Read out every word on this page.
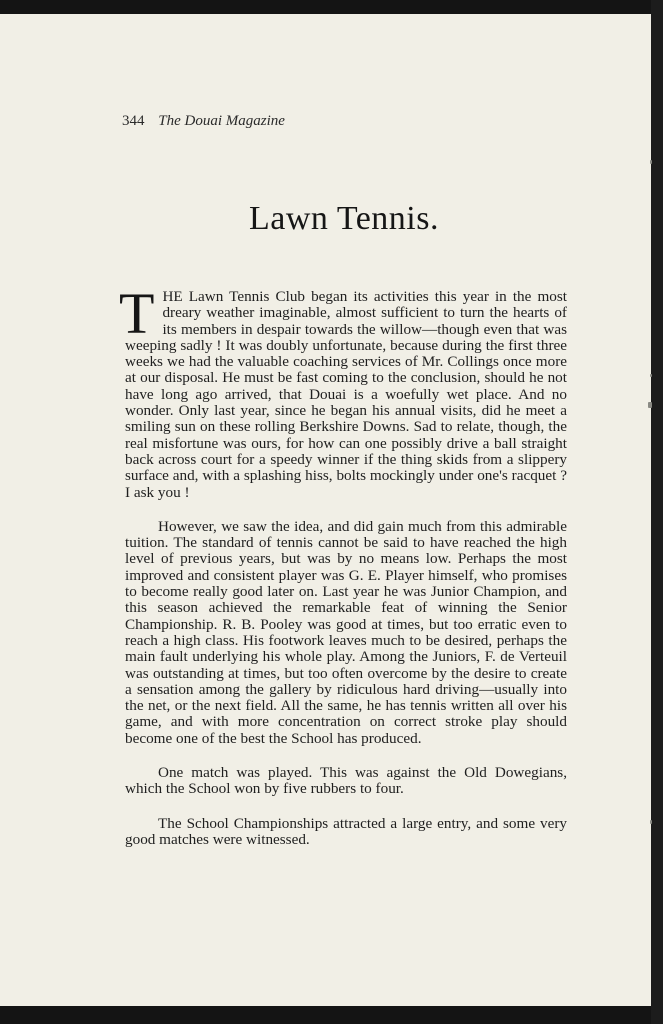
344 The Douai Magazine
Lawn Tennis.

THE Lawn Tennis Club began its activities this year in the most dreary weather imaginable, almost sufficient to turn the hearts of its members in despair towards the willow—though even that was weeping sadly ! It was doubly unfortunate, because during the first three weeks we had the valuable coaching services of Mr. Collings once more at our disposal. He must be fast coming to the conclusion, should he not have long ago arrived, that Douai is a woefully wet place. And no wonder. Only last year, since he began his annual visits, did he meet a smiling sun on these rolling Berkshire Downs. Sad to relate, though, the real misfortune was ours, for how can one possibly drive a ball straight back across court for a speedy winner if the thing skids from a slippery surface and, with a splashing hiss, bolts mockingly under one's racquet ? I ask you !

However, we saw the idea, and did gain much from this admirable tuition. The standard of tennis cannot be said to have reached the high level of previous years, but was by no means low. Perhaps the most improved and consistent player was G. E. Player himself, who promises to become really good later on. Last year he was Junior Champion, and this season achieved the remarkable feat of winning the Senior Championship. R. B. Pooley was good at times, but too erratic even to reach a high class. His footwork leaves much to be desired, perhaps the main fault underlying his whole play. Among the Juniors, F. de Verteuil was outstanding at times, but too often overcome by the desire to create a sensation among the gallery by ridiculous hard driving—usually into the net, or the next field. All the same, he has tennis written all over his game, and with more concentration on correct stroke play should become one of the best the School has produced.

One match was played. This was against the Old Dowegians, which the School won by five rubbers to four.

The School Championships attracted a large entry, and some very good matches were witnessed.
